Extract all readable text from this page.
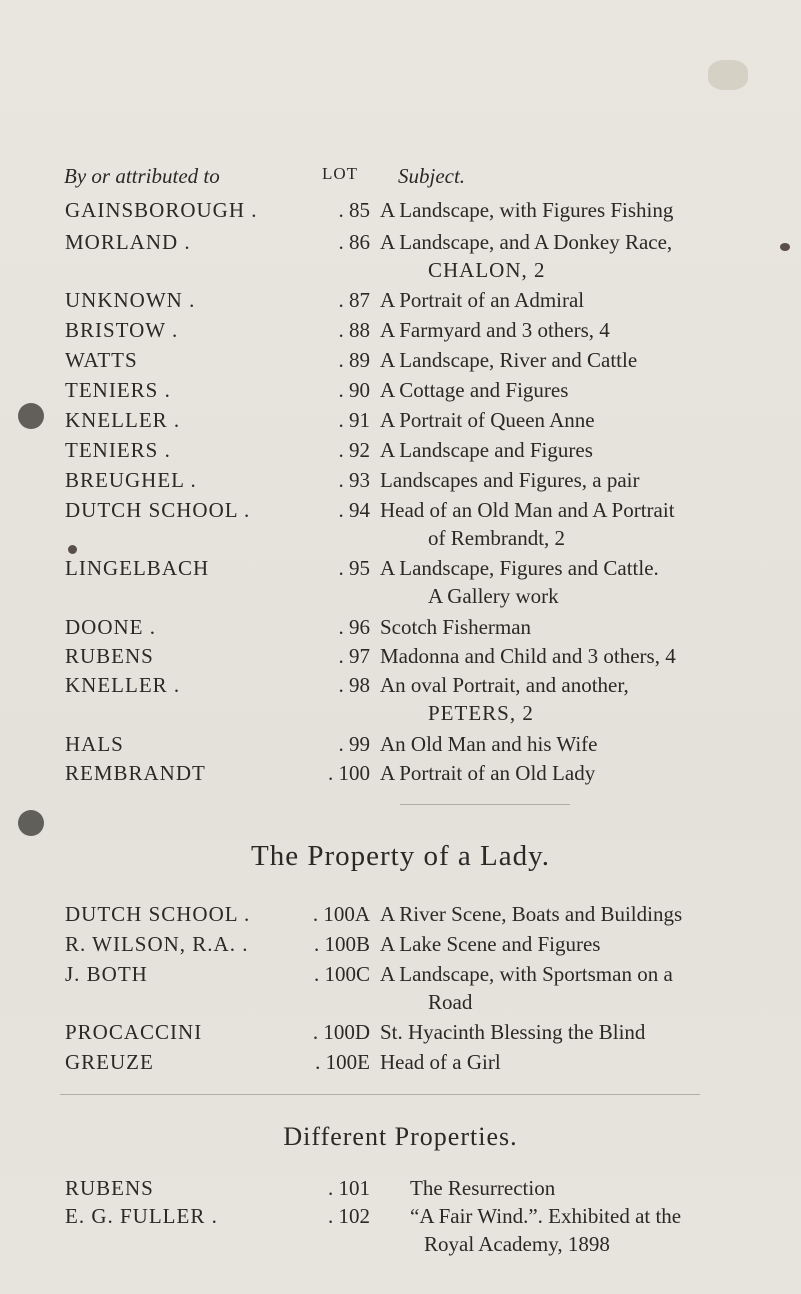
By or attributed to	LOT Subject.
GAINSBOROUGH .	. 85 A Landscape, with Figures Fishing
MORLAND .	. 86 A Landscape, and A Donkey Race,
CHALON, 2
UNKNOWN .	. 87 A Portrait of an Admiral
BRISTOW .	. 88 A Farmyard and 3 others, 4
WATTS	. 89 A Landscape, River and Cattle
TENIERS .	. 90 A Cottage and Figures
KNELLER .	. 91 A Portrait of Queen Anne
TENIERS .	. 92 A Landscape and Figures
BREUGHEL .	. 93 Landscapes and Figures, a pair
DUTCH SCHOOL .	. 94 Head of an Old Man and A Portrait
of Rembrandt, 2
LINGELBACH	. 95 A Landscape, Figures and Cattle.
A Gallery work
DOONE .	. 96 Scotch Fisherman
RUBENS	. 97 Madonna and Child and 3 others, 4
KNELLER .	. 98 An oval Portrait, and another,
PETERS, 2
HALS	. 99 An Old Man and his Wife
REMBRANDT	. 100 A Portrait of an Old Lady
The Property of a Lady.
DUTCH SCHOOL .	. 100A A River Scene, Boats and Buildings
R. WILSON, R.A. .	. 100B A Lake Scene and Figures
J. BOTH	. 100C A Landscape, with Sportsman on a
Road
PROCACCINI	. 100D St. Hyacinth Blessing the Blind
GREUZE	. 100E Head of a Girl
Different Properties.
RUBENS	. 101 The Resurrection
E. G. FULLER .	. 102 “A Fair Wind.”. Exhibited at the
Royal Academy, 1898
